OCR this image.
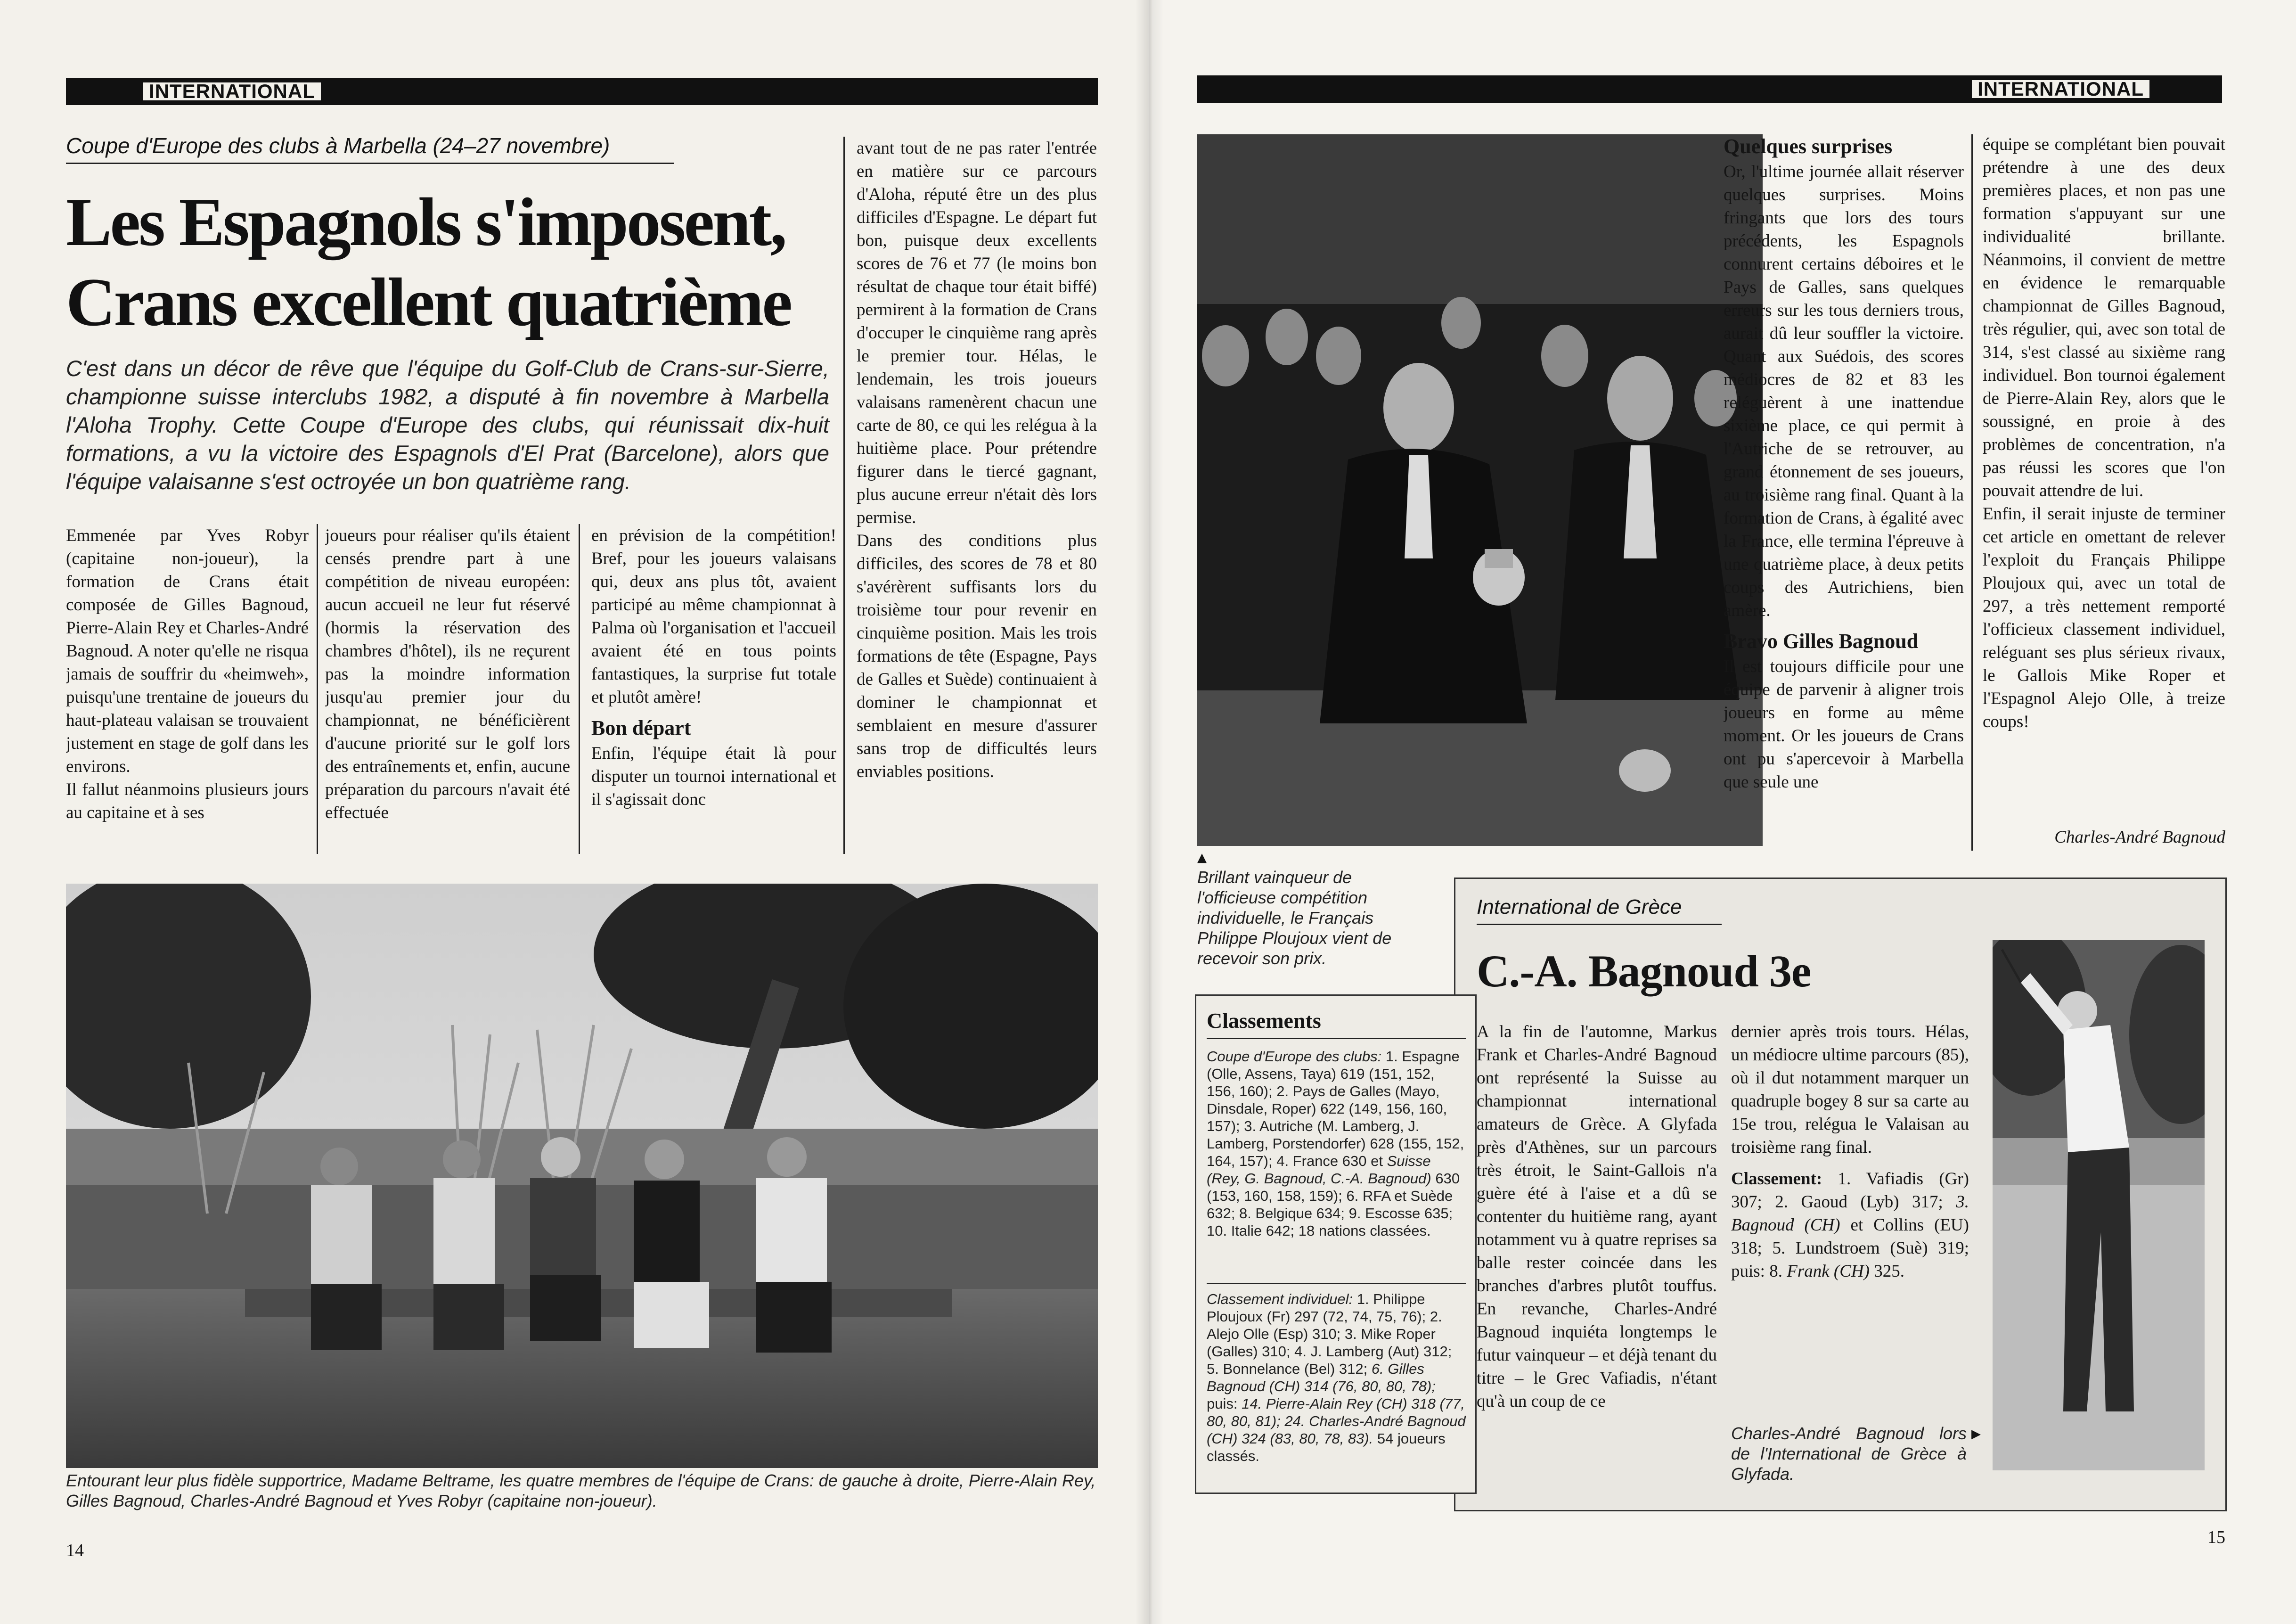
INTERNATIONAL
Coupe d'Europe des clubs à Marbella (24–27 novembre)
Les Espagnols s'imposent,
Crans excellent quatrième
C'est dans un décor de rêve que l'équipe du Golf-Club de Crans-sur-Sierre, championne suisse interclubs 1982, a disputé à fin novembre à Marbella l'Aloha Trophy. Cette Coupe d'Europe des clubs, qui réunissait dix-huit formations, a vu la victoire des Espagnols d'El Prat (Barcelone), alors que l'équipe valaisanne s'est octroyée un bon quatrième rang.

Emmenée par Yves Robyr (capitaine non-joueur), la formation de Crans était composée de Gilles Bagnoud, Pierre-Alain Rey et Charles-André Bagnoud. A noter qu'elle ne risqua jamais de souffrir du «heimweh», puisqu'une trentaine de joueurs du haut-plateau valaisan se trouvaient justement en stage de golf dans les environs.

Il fallut néanmoins plusieurs jours au capitaine et à ses

joueurs pour réaliser qu'ils étaient censés prendre part à une compétition de niveau européen: aucun accueil ne leur fut réservé (hormis la réservation des chambres d'hôtel), ils ne reçurent pas la moindre information jusqu'au premier jour du championnat, ne bénéficièrent d'aucune priorité sur le golf lors des entraînements et, enfin, aucune préparation du parcours n'avait été effectuée

en prévision de la compétition! Bref, pour les joueurs valaisans qui, deux ans plus tôt, avaient participé au même championnat à Palma où l'organisation et l'accueil avaient été en tous points fantastiques, la surprise fut totale et plutôt amère!

Bon départ

Enfin, l'équipe était là pour disputer un tournoi international et il s'agissait donc

avant tout de ne pas rater l'entrée en matière sur ce parcours d'Aloha, réputé être un des plus difficiles d'Espagne. Le départ fut bon, puisque deux excellents scores de 76 et 77 (le moins bon résultat de chaque tour était biffé) permirent à la formation de Crans d'occuper le cinquième rang après le premier tour. Hélas, le lendemain, les trois joueurs valaisans ramenèrent chacun une carte de 80, ce qui les relégua à la huitième place. Pour prétendre figurer dans le tiercé gagnant, plus aucune erreur n'était dès lors permise.

Dans des conditions plus difficiles, des scores de 78 et 80 s'avérèrent suffisants lors du troisième tour pour revenir en cinquième position. Mais les trois formations de tête (Espagne, Pays de Galles et Suède) continuaient à dominer le championnat et semblaient en mesure d'assurer sans trop de difficultés leurs enviables positions.

Entourant leur plus fidèle supportrice, Madame Beltrame, les quatre membres de l'équipe de Crans: de gauche à droite, Pierre-Alain Rey, Gilles Bagnoud, Charles-André Bagnoud et Yves Robyr (capitaine non-joueur).
14
INTERNATIONAL
▲
Brillant vainqueur de l'officieuse compétition individuelle, le Français Philippe Ploujoux vient de recevoir son prix.
Quelques surprises

Or, l'ultime journée allait réserver quelques surprises. Moins fringants que lors des tours précédents, les Espagnols connurent certains déboires et le Pays de Galles, sans quelques erreurs sur les tous derniers trous, aurait dû leur souffler la victoire. Quant aux Suédois, des scores médiocres de 82 et 83 les reléguèrent à une inattendue sixième place, ce qui permit à l'Autriche de se retrouver, au grand étonnement de ses joueurs, au troisième rang final. Quant à la formation de Crans, à égalité avec la France, elle termina l'épreuve à une quatrième place, à deux petits coups des Autrichiens, bien amère.

Bravo Gilles Bagnoud

Il est toujours difficile pour une équipe de parvenir à aligner trois joueurs en forme au même moment. Or les joueurs de Crans ont pu s'apercevoir à Marbella que seule une

équipe se complétant bien pouvait prétendre à une des deux premières places, et non pas une formation s'appuyant sur une individualité brillante. Néanmoins, il convient de mettre en évidence le remarquable championnat de Gilles Bagnoud, très régulier, qui, avec son total de 314, s'est classé au sixième rang individuel. Bon tournoi également de Pierre-Alain Rey, alors que le soussigné, en proie à des problèmes de concentration, n'a pas réussi les scores que l'on pouvait attendre de lui.

Enfin, il serait injuste de terminer cet article en omettant de relever l'exploit du Français Philippe Ploujoux qui, avec un total de 297, a très nettement remporté l'officieux classement individuel, reléguant ses plus sérieux rivaux, le Gallois Mike Roper et l'Espagnol Alejo Olle, à treize coups!

Charles-André Bagnoud
International de Grèce
C.-A. Bagnoud 3e

A la fin de l'automne, Markus Frank et Charles-André Bagnoud ont représenté la Suisse au championnat international amateurs de Grèce. A Glyfada près d'Athènes, sur un parcours très étroit, le Saint-Gallois n'a guère été à l'aise et a dû se contenter du huitième rang, ayant notamment vu à quatre reprises sa balle rester coincée dans les branches d'arbres plutôt touffus. En revanche, Charles-André Bagnoud inquiéta longtemps le futur vainqueur – et déjà tenant du titre – le Grec Vafiadis, n'étant qu'à un coup de ce

dernier après trois tours. Hélas, un médiocre ultime parcours (85), où il dut notamment marquer un quadruple bogey 8 sur sa carte au 15e trou, relégua le Valaisan au troisième rang final.

Classement: 1. Vafiadis (Gr) 307; 2. Gaoud (Lyb) 317; 3. Bagnoud (CH) et Collins (EU) 318; 5. Lundstroem (Suè) 319; puis: 8. Frank (CH) 325.

Charles-André Bagnoud lors de l'International de Grèce à Glyfada.
▶
Classements
Coupe d'Europe des clubs: 1. Espagne (Olle, Assens, Taya) 619 (151, 152, 156, 160); 2. Pays de Galles (Mayo, Dinsdale, Roper) 622 (149, 156, 160, 157); 3. Autriche (M. Lamberg, J. Lamberg, Porstendorfer) 628 (155, 152, 164, 157); 4. France 630 et Suisse (Rey, G. Bagnoud, C.-A. Bagnoud) 630 (153, 160, 158, 159); 6. RFA et Suède 632; 8. Belgique 634; 9. Escosse 635; 10. Italie 642; 18 nations classées.
Classement individuel: 1. Philippe Ploujoux (Fr) 297 (72, 74, 75, 76); 2. Alejo Olle (Esp) 310; 3. Mike Roper (Galles) 310; 4. J. Lamberg (Aut) 312; 5. Bonnelance (Bel) 312; 6. Gilles Bagnoud (CH) 314 (76, 80, 80, 78); puis: 14. Pierre-Alain Rey (CH) 318 (77, 80, 80, 81); 24. Charles-André Bagnoud (CH) 324 (83, 80, 78, 83). 54 joueurs classés.
15
